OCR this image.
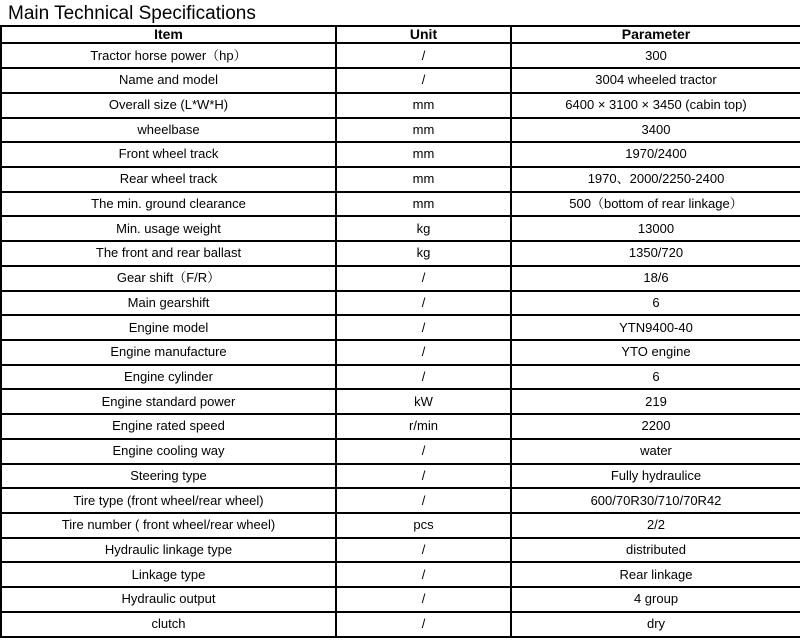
Main Technical Specifications
Item	Unit	Parameter
Tractor horse power（hp）	/	300
Name and model	/	3004 wheeled tractor
Overall size (L*W*H)	mm	6400 × 3100 × 3450 (cabin top)
wheelbase	mm	3400
Front wheel track	mm	1970/2400
Rear wheel track	mm	1970、2000/2250-2400
The min. ground clearance	mm	500（bottom of rear linkage）
Min. usage weight	kg	13000
The front and rear ballast	kg	1350/720
Gear shift（F/R）	/	18/6
Main gearshift	/	6
Engine model	/	YTN9400-40
Engine manufacture	/	YTO engine
Engine cylinder	/	6
Engine standard power	kW	219
Engine rated speed	r/min	2200
Engine cooling way	/	water
Steering type	/	Fully hydraulice
Tire type (front wheel/rear wheel)	/	600/70R30/710/70R42
Tire number ( front wheel/rear wheel)	pcs	2/2
Hydraulic linkage type	/	distributed
Linkage type	/	Rear linkage
Hydraulic output	/	4 group
clutch	/	dry
